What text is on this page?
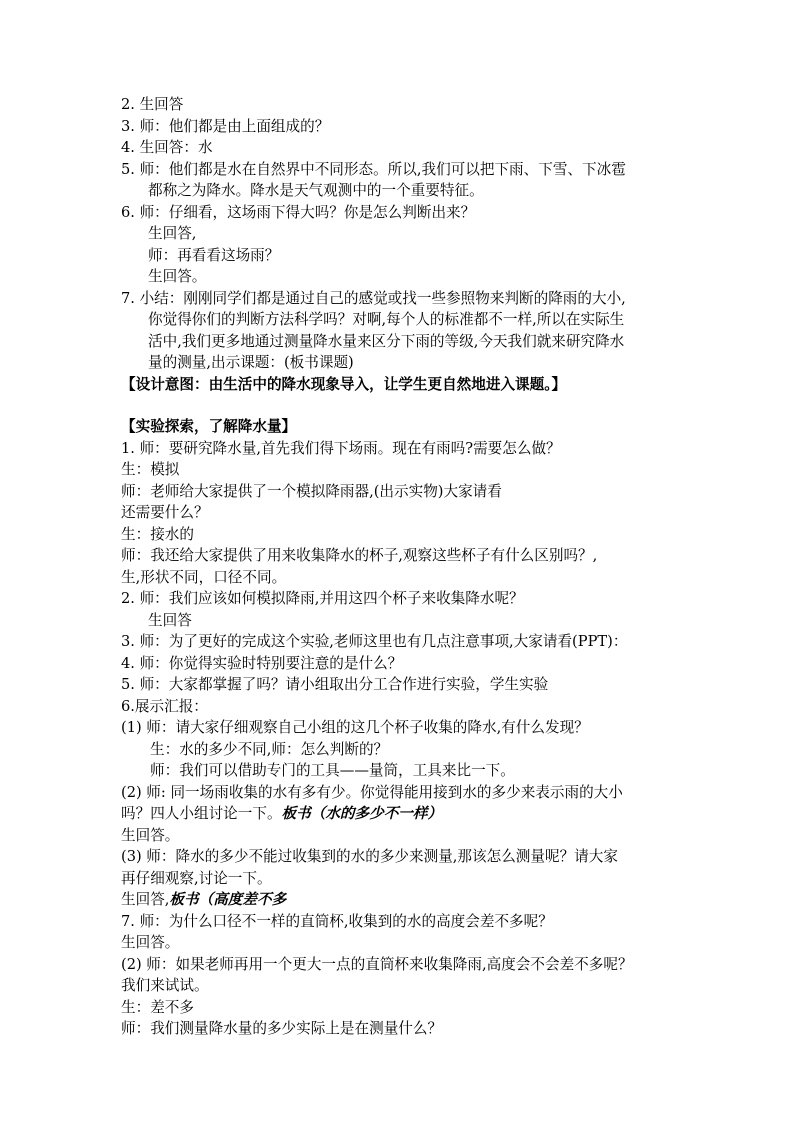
2. 生回答
3. 师：他们都是由上面组成的？
4. 生回答：水
5. 师：他们都是水在自然界中不同形态。所以,我们可以把下雨、下雪、下冰雹
都称之为降水。降水是天气观测中的一个重要特征。
6. 师：仔细看，这场雨下得大吗？你是怎么判断出来？
生回答,
师：再看看这场雨？
生回答。
7. 小结：刚刚同学们都是通过自己的感觉或找一些参照物来判断的降雨的大小,
你觉得你们的判断方法科学吗？对啊,每个人的标准都不一样,所以在实际生
活中,我们更多地通过测量降水量来区分下雨的等级,今天我们就来研究降水
量的测量,出示课题：(板书课题)
【设计意图：由生活中的降水现象导入，让学生更自然地进入课题。】
【实验探索，了解降水量】
1. 师：要研究降水量,首先我们得下场雨。现在有雨吗?需要怎么做？
生：模拟
师：老师给大家提供了一个模拟降雨器,(出示实物)大家请看
还需要什么？
生：接水的
师：我还给大家提供了用来收集降水的杯子,观察这些杯子有什么区别吗？,
生,形状不同，口径不同。
2. 师：我们应该如何模拟降雨,并用这四个杯子来收集降水呢？
生回答
3. 师：为了更好的完成这个实验,老师这里也有几点注意事项,大家请看(PPT)：
4. 师：你觉得实验时特别要注意的是什么？
5. 师：大家都掌握了吗？请小组取出分工合作进行实验，学生实验
6.展示汇报：
(1) 师：请大家仔细观察自己小组的这几个杯子收集的降水,有什么发现？
生：水的多少不同,师：怎么判断的？
师：我们可以借助专门的工具——量筒，工具来比一下。
(2) 师: 同一场雨收集的水有多有少。你觉得能用接到水的多少来表示雨的大小
吗？四人小组讨论一下。板书（水的多少不一样）
生回答。
(3) 师：降水的多少不能过收集到的水的多少来测量,那该怎么测量呢？请大家
再仔细观察,讨论一下。
生回答,板书（高度差不多
7. 师：为什么口径不一样的直筒杯,收集到的水的高度会差不多呢？
生回答。
(2) 师：如果老师再用一个更大一点的直筒杯来收集降雨,高度会不会差不多呢？
我们来试试。
生：差不多
师：我们测量降水量的多少实际上是在测量什么？
